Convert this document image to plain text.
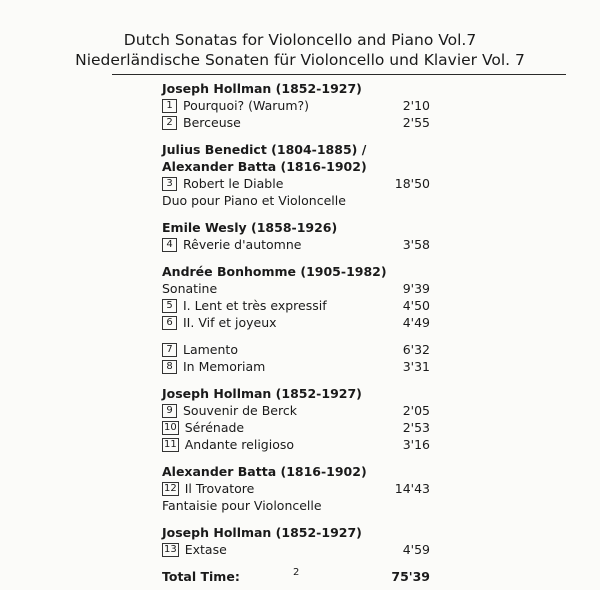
Dutch Sonatas for Violoncello and Piano Vol.7
Niederländische Sonaten für Violoncello und Klavier Vol. 7
Joseph Hollman (1852-1927)
1 Pourquoi? (Warum?)	2'10
2 Berceuse	2'55
Julius Benedict (1804-1885) /
Alexander Batta (1816-1902)
3 Robert le Diable	18'50
Duo pour Piano et Violoncelle
Emile Wesly (1858-1926)
4 Rêverie d'automne	3'58
Andrée Bonhomme (1905-1982)
Sonatine	9'39
5 I. Lent et très expressif	4'50
6 II. Vif et joyeux	4'49
7 Lamento	6'32
8 In Memoriam	3'31
Joseph Hollman (1852-1927)
9 Souvenir de Berck	2'05
10 Sérénade	2'53
11 Andante religioso	3'16
Alexander Batta (1816-1902)
12 Il Trovatore	14'43
Fantaisie pour Violoncelle
Joseph Hollman (1852-1927)
13 Extase	4'59
Total Time:	75'39
2
